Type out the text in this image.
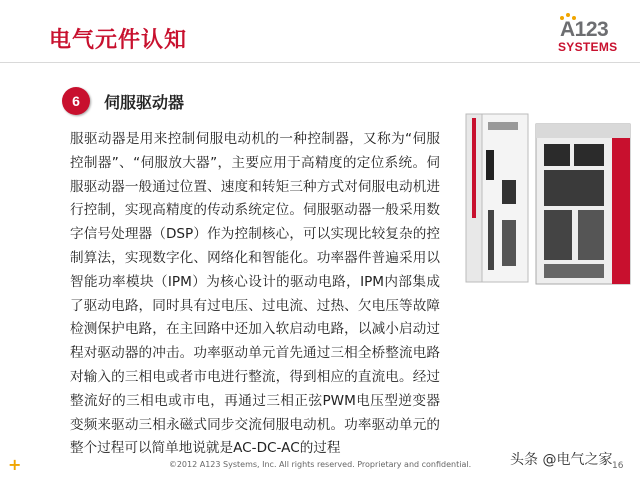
电气元件认知	A123
SYSTEMS
6	伺服驱动器
服驱动器是用来控制伺服电动机的一种控制器，又称为“伺服控制器”、“伺服放大器”，主要应用于高精度的定位系统。伺服驱动器一般通过位置、速度和转矩三种方式对伺服电动机进行控制，实现高精度的传动系统定位。伺服驱动器一般采用数字信号处理器（DSP）作为控制核心，可以实现比较复杂的控制算法，实现数字化、网络化和智能化。功率器件普遍采用以智能功率模块（IPM）为核心设计的驱动电路，IPM内部集成了驱动电路，同时具有过电压、过电流、过热、欠电压等故障检测保护电路，在主回路中还加入软启动电路，以减小启动过程对驱动器的冲击。功率驱动单元首先通过三相全桥整流电路对输入的三相电或者市电进行整流，得到相应的直流电。经过整流好的三相电或市电，再通过三相正弦PWM电压型逆变器变频来驱动三相永磁式同步交流伺服电动机。功率驱动单元的整个过程可以简单地说就是AC-DC-AC的过程
+	©2012 A123 Systems, Inc. All rights reserved. Proprietary and confidential.	头条 @电气之家 16
